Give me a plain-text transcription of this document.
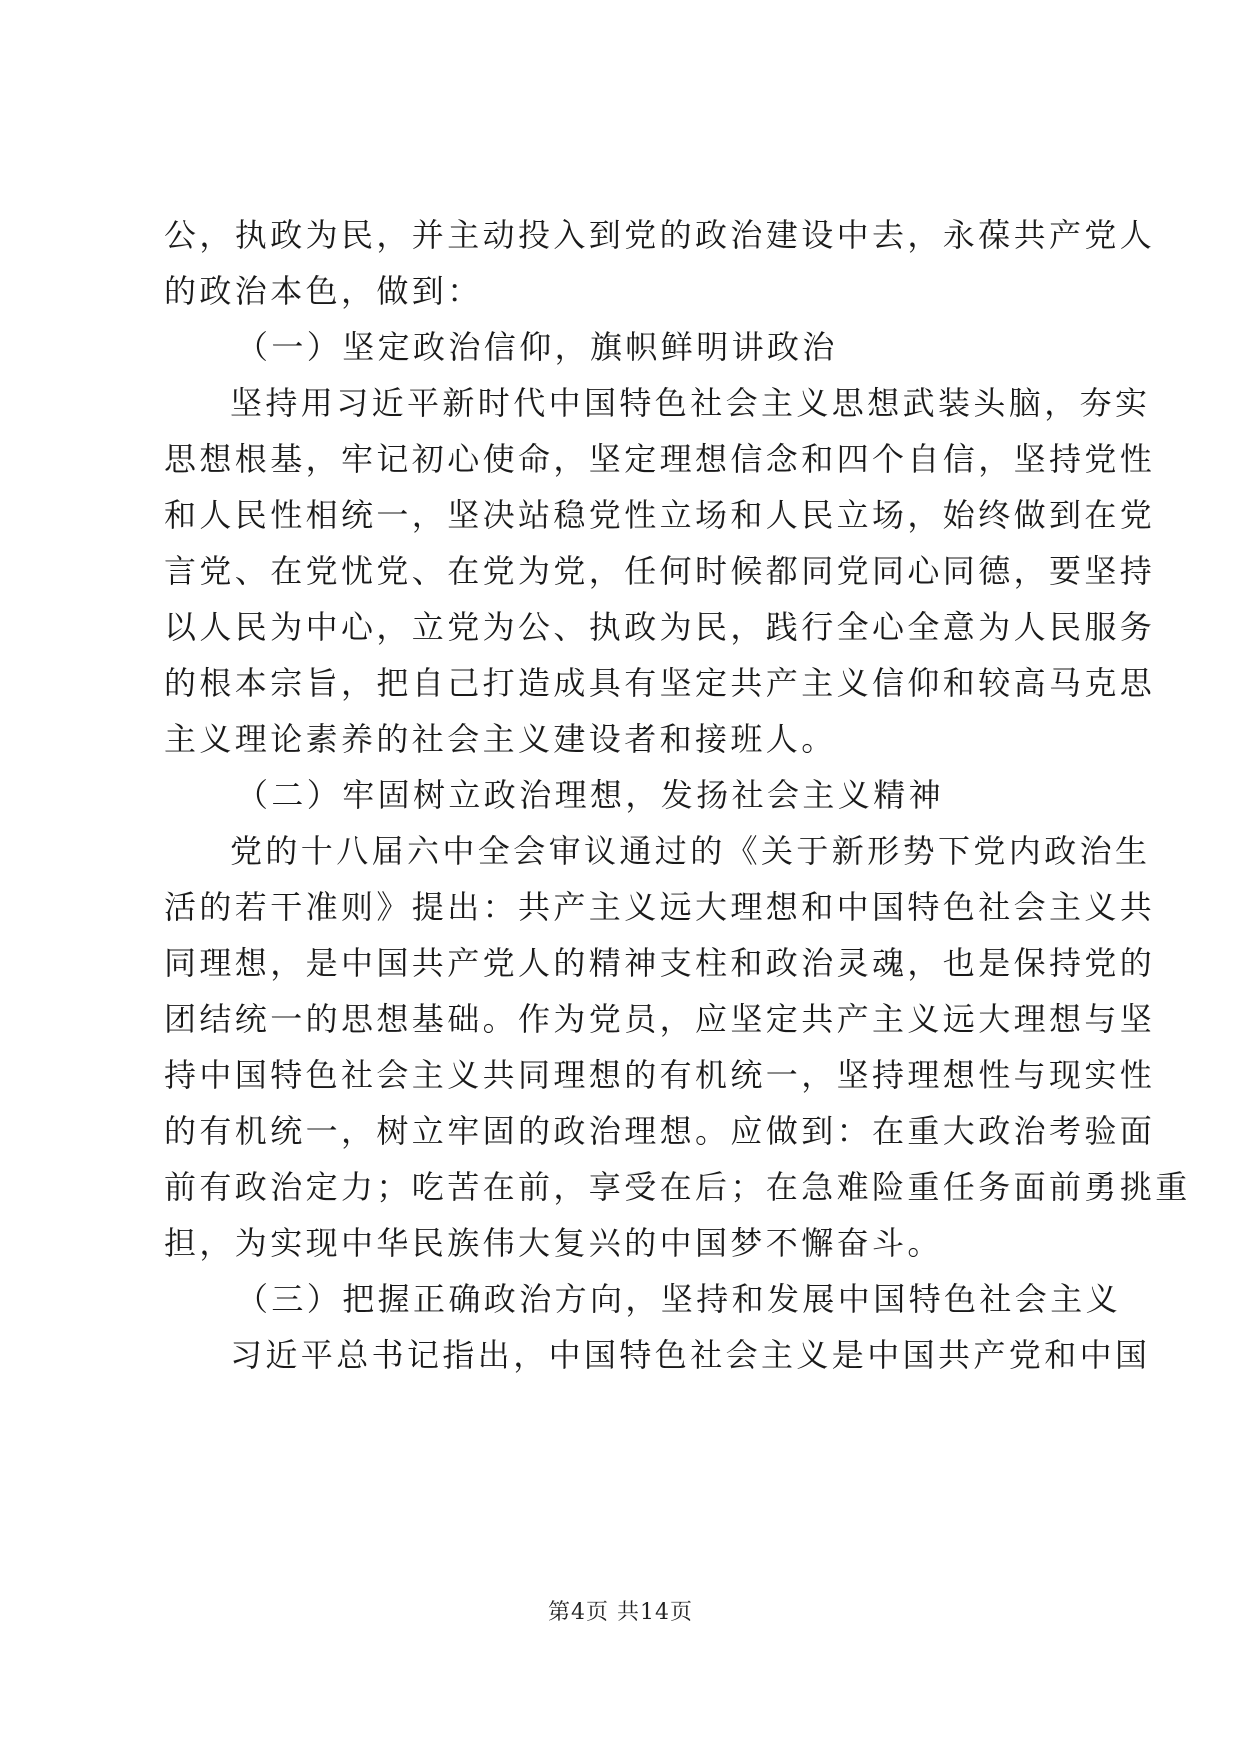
公，执政为民，并主动投入到党的政治建设中去，永葆共产党人
的政治本色，做到：
（一）坚定政治信仰，旗帜鲜明讲政治
坚持用习近平新时代中国特色社会主义思想武装头脑，夯实
思想根基，牢记初心使命，坚定理想信念和四个自信，坚持党性
和人民性相统一，坚决站稳党性立场和人民立场，始终做到在党
言党、在党忧党、在党为党，任何时候都同党同心同德，要坚持
以人民为中心，立党为公、执政为民，践行全心全意为人民服务
的根本宗旨，把自己打造成具有坚定共产主义信仰和较高马克思
主义理论素养的社会主义建设者和接班人。
（二）牢固树立政治理想，发扬社会主义精神
党的十八届六中全会审议通过的《关于新形势下党内政治生
活的若干准则》提出：共产主义远大理想和中国特色社会主义共
同理想，是中国共产党人的精神支柱和政治灵魂，也是保持党的
团结统一的思想基础。作为党员，应坚定共产主义远大理想与坚
持中国特色社会主义共同理想的有机统一，坚持理想性与现实性
的有机统一，树立牢固的政治理想。应做到：在重大政治考验面
前有政治定力；吃苦在前，享受在后；在急难险重任务面前勇挑重
担，为实现中华民族伟大复兴的中国梦不懈奋斗。
（三）把握正确政治方向，坚持和发展中国特色社会主义
习近平总书记指出，中国特色社会主义是中国共产党和中国
第4页 共14页
